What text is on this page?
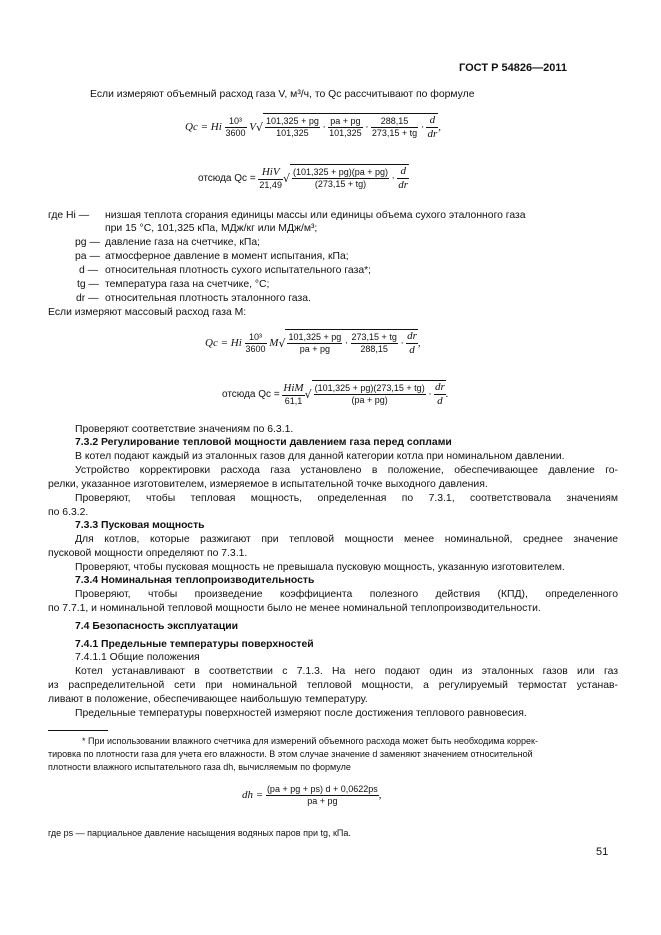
ГОСТ Р 54826—2011
Если измеряют объемный расход газа V, м³/ч, то Qc рассчитывают по формуле
Qc = Hi $\frac{\text{10³}}{3600} V√ \frac{101,325 + pg}{101,325} \cdot \frac{pa + pg}{101,325} \cdot \frac{288,15}{273,15 + tg} \cdot \frac{d}{dr}$ ,
отсюда $Qc = \frac{\text{HiV}}{21,49}$ √ $\frac{(101,325 + pg)(pa + pg)}{(273,15 + tg)} \cdot \frac{d}{dr}$
где Hi — низшая теплота сгорания единицы массы или единицы объема сухого эталонного газа
при 15 °С, 101,325 кПа, МДж/кг или МДж/м³;
pg — давление газа на счетчике, кПа;
pa — атмосферное давление в момент испытания, кПа;
d — относительная плотность сухого испытательного газа*;
tg — температура газа на счетчике, °С;
dr — относительная плотность эталонного газа.
Если измеряют массовый расход газа M:
Qc = Hi $\frac{\text{10³}}{3600} M√ \frac{101,325 + pg}{pa + pg} \cdot \frac{273,15 + tg}{288,15} \cdot \frac{dr}{d}$ ,
отсюда $Qc = \frac{\text{HiM}}{61,1}$ √ $\frac{(101,325 + pg)(273,15 + tg)}{(pa + pg)} \cdot \frac{dr}{d}$ .
Проверяют соответствие значениям по 6.3.1.
7.3.2 Регулирование тепловой мощности давлением газа перед соплами
В котел подают каждый из эталонных газов для данной категории котла при номинальном давлении.
Устройство корректировки расхода газа установлено в положение, обеспечивающее давление го-
релки, указанное изготовителем, измеряемое в испытательной точке выходного давления.
Проверяют, чтобы тепловая мощность, определенная по 7.3.1, соответствовала значениям
по 6.3.2.
7.3.3 Пусковая мощность
Для котлов, которые разжигают при тепловой мощности менее номинальной, среднее значение
пусковой мощности определяют по 7.3.1.
Проверяют, чтобы пусковая мощность не превышала пусковую мощность, указанную изготовителем.
7.3.4 Номинальная теплопроизводительность
Проверяют, чтобы произведение коэффициента полезного действия (КПД), определенного
по 7.7.1, и номинальной тепловой мощности было не менее номинальной теплопроизводительности.
7.4 Безопасность эксплуатации
7.4.1 Предельные температуры поверхностей
7.4.1.1 Общие положения
Котел устанавливают в соответствии с 7.1.3. На него подают один из эталонных газов или газ
из распределительной сети при номинальной тепловой мощности, а регулируемый термостат устанав-
ливают в положение, обеспечивающее наибольшую температуру.
Предельные температуры поверхностей измеряют после достижения теплового равновесия.
* При использовании влажного счетчика для измерений объемного расхода может быть необходима коррек-
тировка по плотности газа для учета его влажности. В этом случае значение d заменяют значением относительной
плотности влажного испытательного газа dh, вычисляемым по формуле
dh = $\frac{(pa + pg + ps) d + 0,0622ps}{pa + pg}$ ,
где ps — парциальное давление насыщения водяных паров при tg, кПа.
51
